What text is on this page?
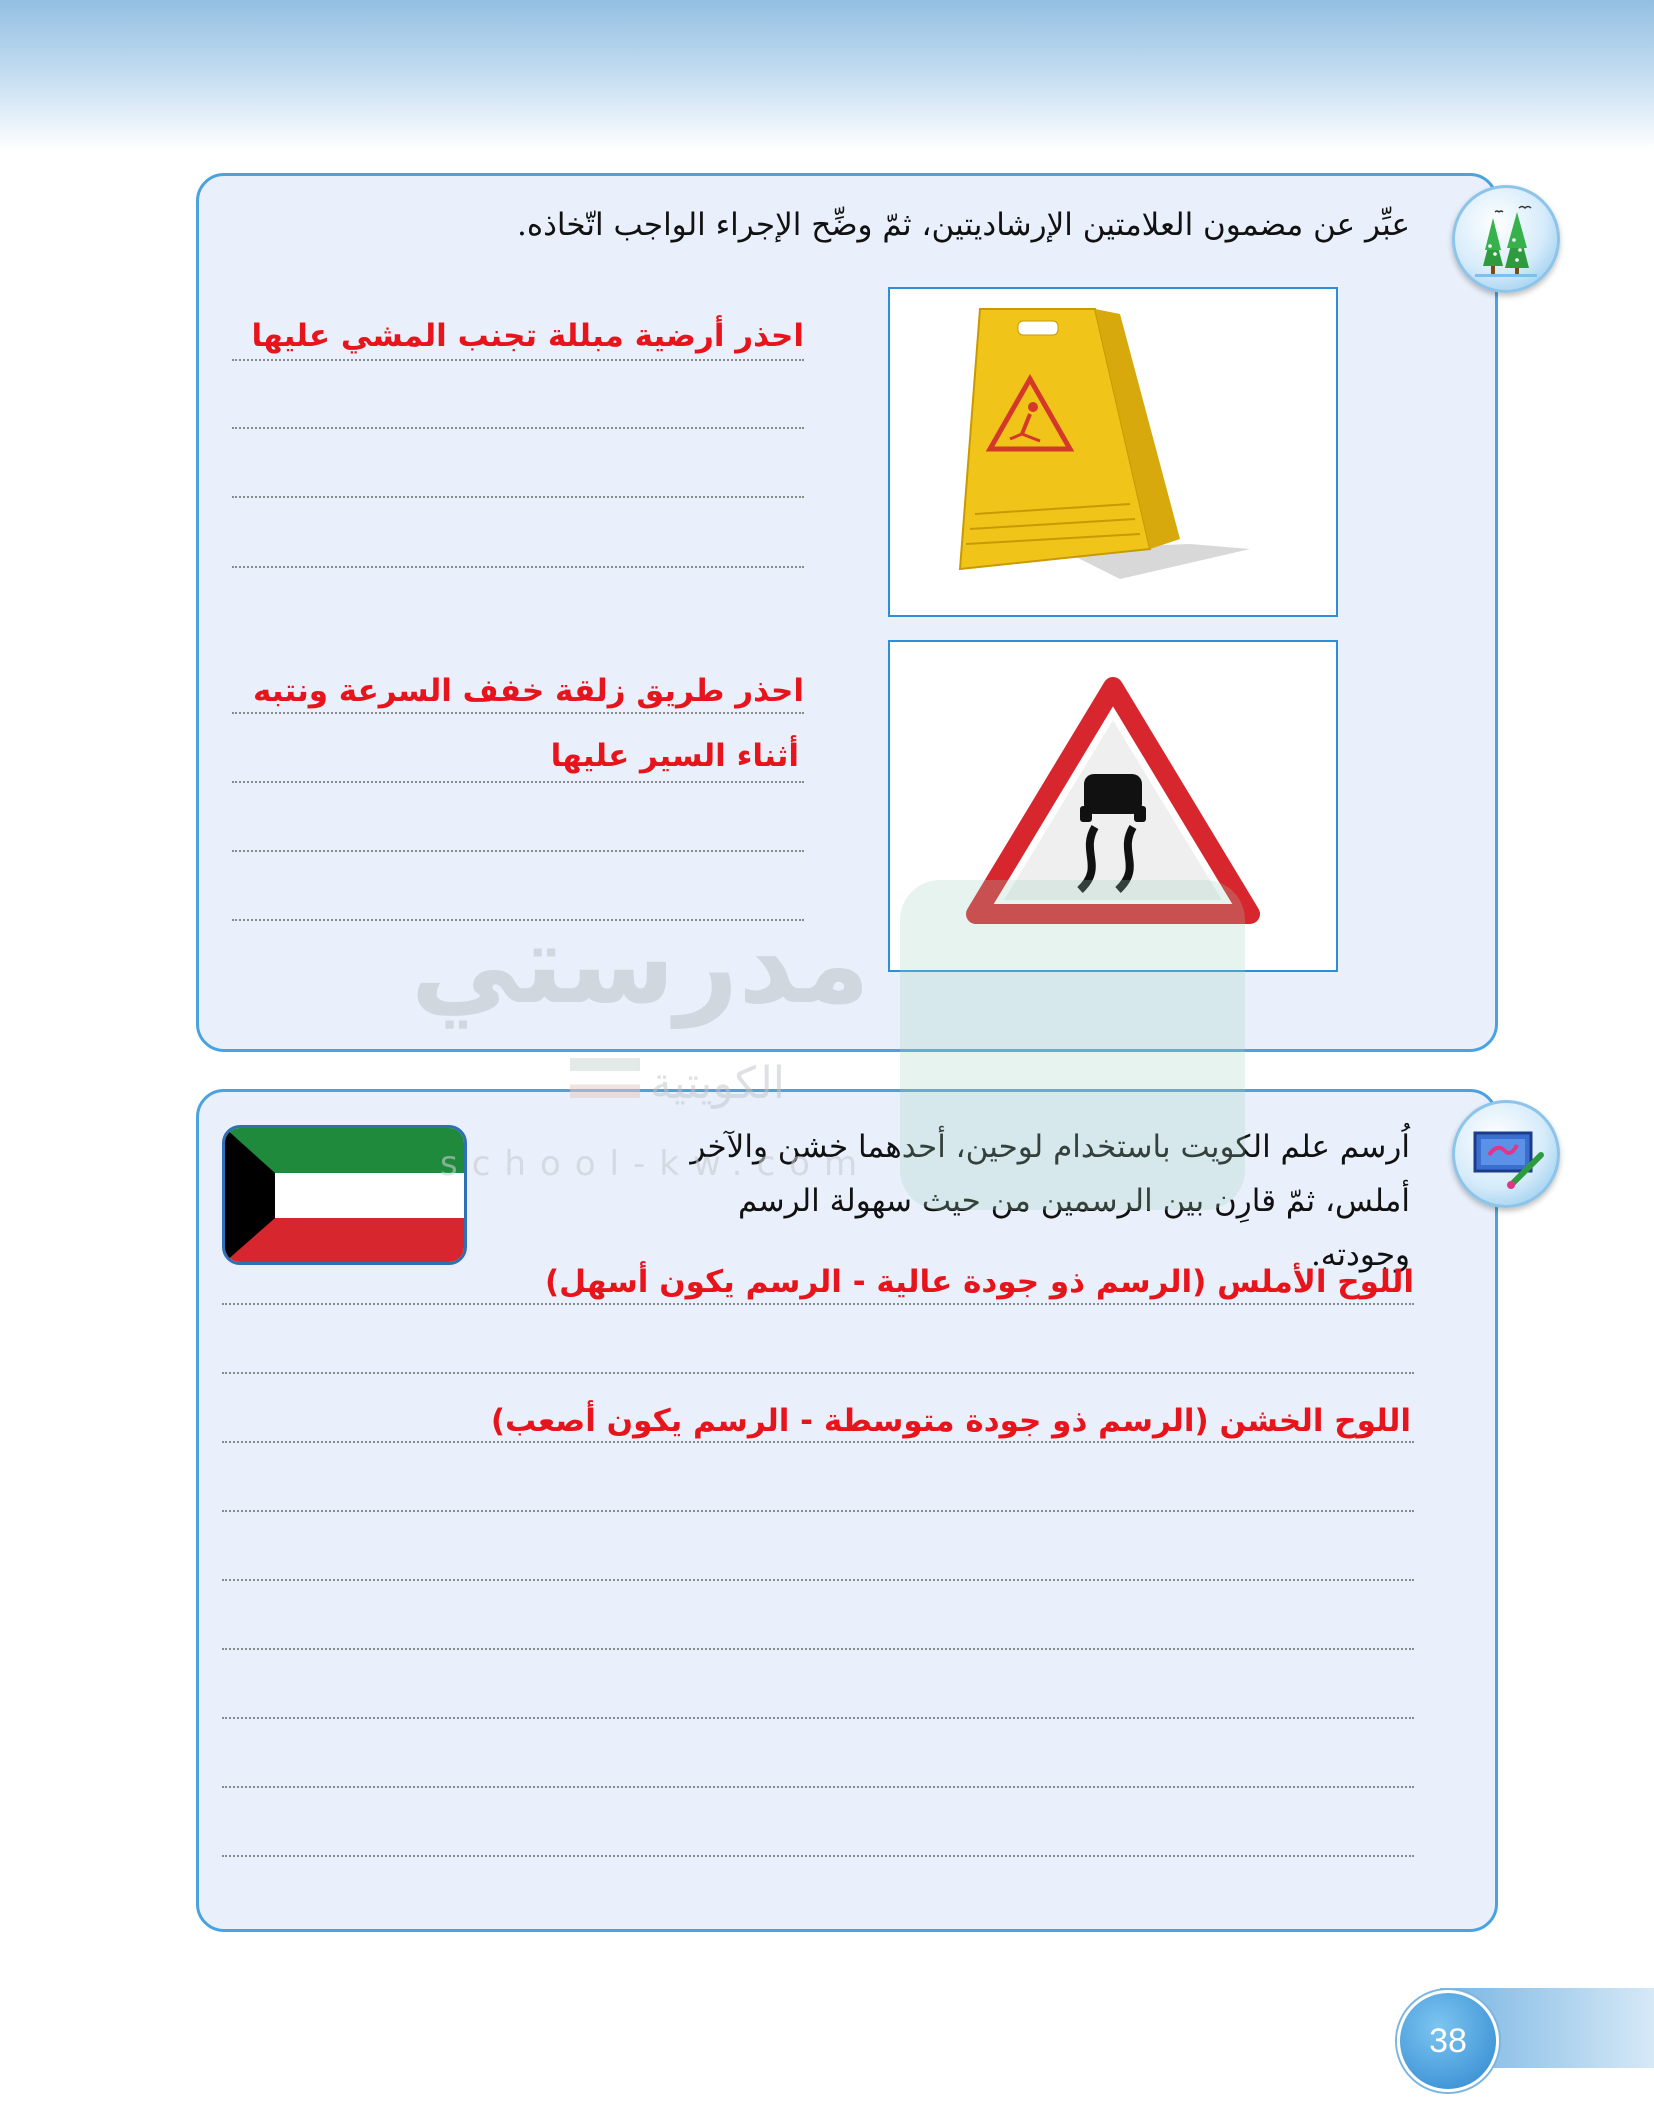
عبِّر عن مضمون العلامتين الإرشاديتين، ثمّ وضِّح الإجراء الواجب اتّخاذه.
احذر أرضية مبللة تجنب المشي عليها
احذر طريق زلقة خفف السرعة ونتبه
أثناء السير عليها
اُرسم علم الكويت باستخدام لوحين، أحدهما خشن والآخر أملس، ثمّ قارِن بين الرسمين من حيث سهولة الرسم وجودته.
اللوح الأملس (الرسم ذو جودة عالية - الرسم يكون أسهل)
اللوح الخشن (الرسم ذو جودة متوسطة - الرسم يكون أصعب)
مدرستي
الكويتية
school-kw.com
38
